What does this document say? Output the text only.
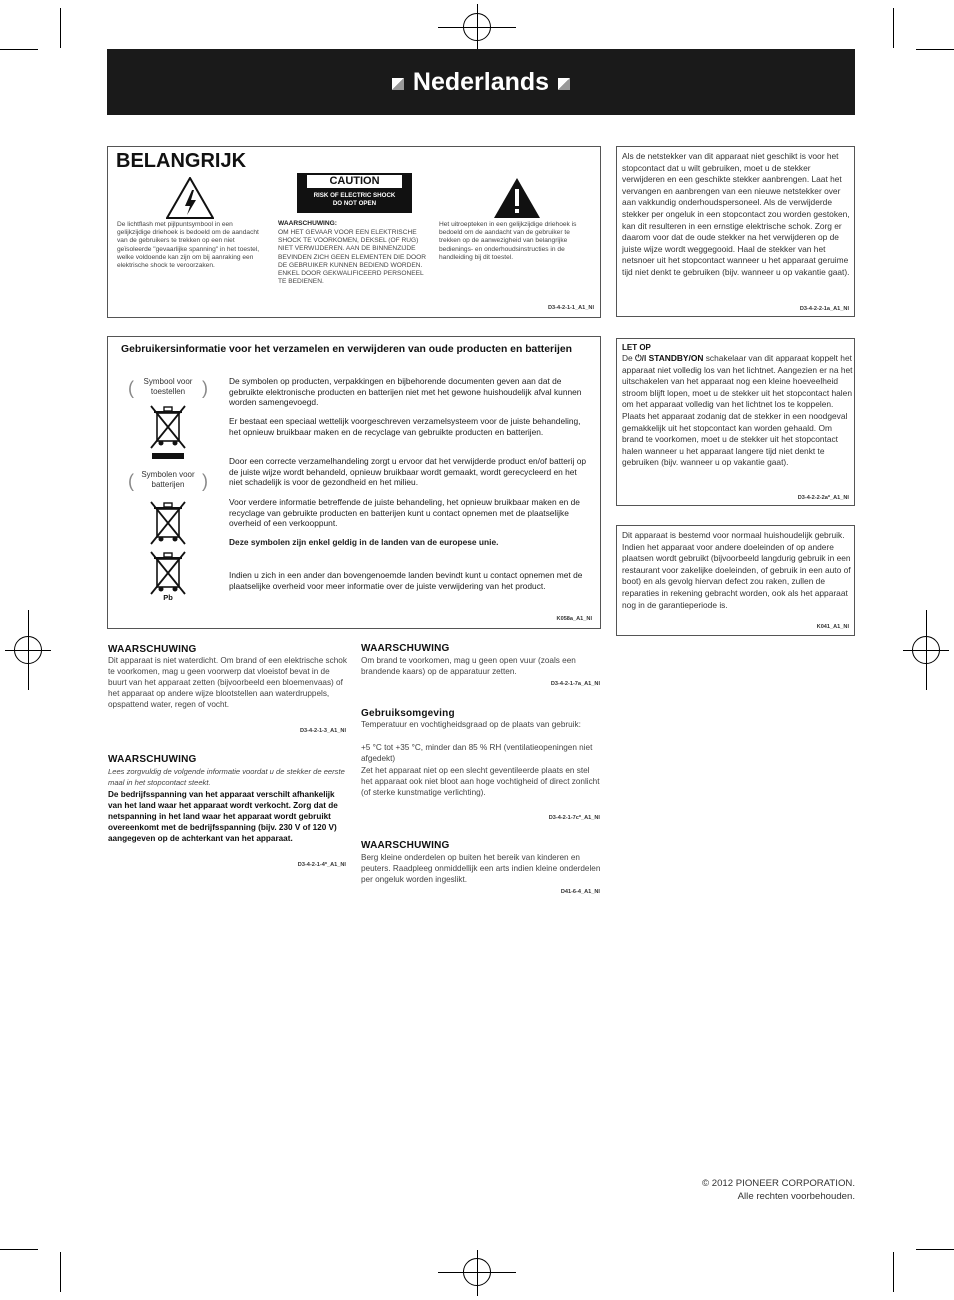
Nederlands
BELANGRIJK
CAUTION
RISK OF ELECTRIC SHOCK
DO NOT OPEN
De lichtflash met pijlpuntsymbool in een gelijkzijdige driehoek is bedoeld om de aandacht van de gebruikers te trekken op een niet geïsoleerde "gevaarlijke spanning" in het toestel, welke voldoende kan zijn om bij aanraking een elektrische shock te veroorzaken.
WAARSCHUWING:
OM HET GEVAAR VOOR EEN ELEKTRISCHE SHOCK TE VOORKOMEN, DEKSEL (OF RUG) NIET VERWIJDEREN. AAN DE BINNENZIJDE BEVINDEN ZICH GEEN ELEMENTEN DIE DOOR DE GEBRUIKER KUNNEN BEDIEND WORDEN. ENKEL DOOR GEKWALIFICEERD PERSONEEL TE BEDIENEN.
Het uitroepteken in een gelijkzijdige driehoek is bedoeld om de aandacht van de gebruiker te trekken op de aanwezigheid van belangrijke bedienings- en onderhoudsinstructies in de handleiding bij dit toestel.
D3-4-2-1-1_A1_Nl
Als de netstekker van dit apparaat niet geschikt is voor het stopcontact dat u wilt gebruiken, moet u de stekker verwijderen en een geschikte stekker aanbrengen. Laat het vervangen en aanbrengen van een nieuwe netstekker over aan vakkundig onderhoudspersoneel. Als de verwijderde stekker per ongeluk in een stopcontact zou worden gestoken, kan dit resulteren in een ernstige elektrische schok. Zorg er daarom voor dat de oude stekker na het verwijderen op de juiste wijze wordt weggegooid. Haal de stekker van het netsnoer uit het stopcontact wanneer u het apparaat geruime tijd niet denkt te gebruiken (bijv. wanneer u op vakantie gaat).
D3-4-2-2-1a_A1_Nl
Gebruikersinformatie voor het verzamelen en verwijderen van oude producten en batterijen
( Symbool voor toestellen )
( Symbolen voor batterijen )
Pb
De symbolen op producten, verpakkingen en bijbehorende documenten geven aan dat de gebruikte elektronische producten en batterijen niet met het gewone huishoudelijk afval kunnen worden samengevoegd.
Er bestaat een speciaal wettelijk voorgeschreven verzamelsysteem voor de juiste behandeling, het opnieuw bruikbaar maken en de recyclage van gebruikte producten en batterijen.
Door een correcte verzamelhandeling zorgt u ervoor dat het verwijderde product en/of batterij op de juiste wijze wordt behandeld, opnieuw bruikbaar wordt gemaakt, wordt gerecycleerd en het niet schadelijk is voor de gezondheid en het milieu.
Voor verdere informatie betreffende de juiste behandeling, het opnieuw bruikbaar maken en de recyclage van gebruikte producten en batterijen kunt u contact opnemen met de plaatselijke overheid of een verkooppunt.
Deze symbolen zijn enkel geldig in de landen van de europese unie.
Indien u zich in een ander dan bovengenoemde landen bevindt kunt u contact opnemen met de plaatselijke overheid voor meer informatie over de juiste verwijdering van het product.
K058a_A1_Nl
LET OP
De ⏻/I STANDBY/ON schakelaar van dit apparaat koppelt het apparaat niet volledig los van het lichtnet. Aangezien er na het uitschakelen van het apparaat nog een kleine hoeveelheid stroom blijft lopen, moet u de stekker uit het stopcontact halen om het apparaat volledig van het lichtnet los te koppelen. Plaats het apparaat zodanig dat de stekker in een noodgeval gemakkelijk uit het stopcontact kan worden gehaald. Om brand te voorkomen, moet u de stekker uit het stopcontact halen wanneer u het apparaat langere tijd niet denkt te gebruiken (bijv. wanneer u op vakantie gaat).
D3-4-2-2-2a*_A1_Nl
Dit apparaat is bestemd voor normaal huishoudelijk gebruik. Indien het apparaat voor andere doeleinden of op andere plaatsen wordt gebruikt (bijvoorbeeld langdurig gebruik in een restaurant voor zakelijke doeleinden, of gebruik in een auto of boot) en als gevolg hiervan defect zou raken, zullen de reparaties in rekening gebracht worden, ook als het apparaat nog in de garantieperiode is.
K041_A1_Nl
WAARSCHUWING
Dit apparaat is niet waterdicht. Om brand of een elektrische schok te voorkomen, mag u geen voorwerp dat vloeistof bevat in de buurt van het apparaat zetten (bijvoorbeeld een bloemenvaas) of het apparaat op andere wijze blootstellen aan waterdruppels, opspattend water, regen of vocht.
D3-4-2-1-3_A1_Nl
WAARSCHUWING
Lees zorgvuldig de volgende informatie voordat u de stekker de eerste maal in het stopcontact steekt.
De bedrijfsspanning van het apparaat verschilt afhankelijk van het land waar het apparaat wordt verkocht. Zorg dat de netspanning in het land waar het apparaat wordt gebruikt overeenkomt met de bedrijfsspanning (bijv. 230 V of 120 V) aangegeven op de achterkant van het apparaat.
D3-4-2-1-4*_A1_Nl
WAARSCHUWING
Om brand te voorkomen, mag u geen open vuur (zoals een brandende kaars) op de apparatuur zetten.
D3-4-2-1-7a_A1_Nl
Gebruiksomgeving
Temperatuur en vochtigheidsgraad op de plaats van gebruik:
+5 °C tot +35 °C, minder dan 85 % RH (ventilatieopeningen niet afgedekt)
Zet het apparaat niet op een slecht geventileerde plaats en stel het apparaat ook niet bloot aan hoge vochtigheid of direct zonlicht (of sterke kunstmatige verlichting).
D3-4-2-1-7c*_A1_Nl
WAARSCHUWING
Berg kleine onderdelen op buiten het bereik van kinderen en peuters. Raadpleeg onmiddellijk een arts indien kleine onderdelen per ongeluk worden ingeslikt.
D41-6-4_A1_Nl
© 2012 PIONEER CORPORATION.
Alle rechten voorbehouden.
